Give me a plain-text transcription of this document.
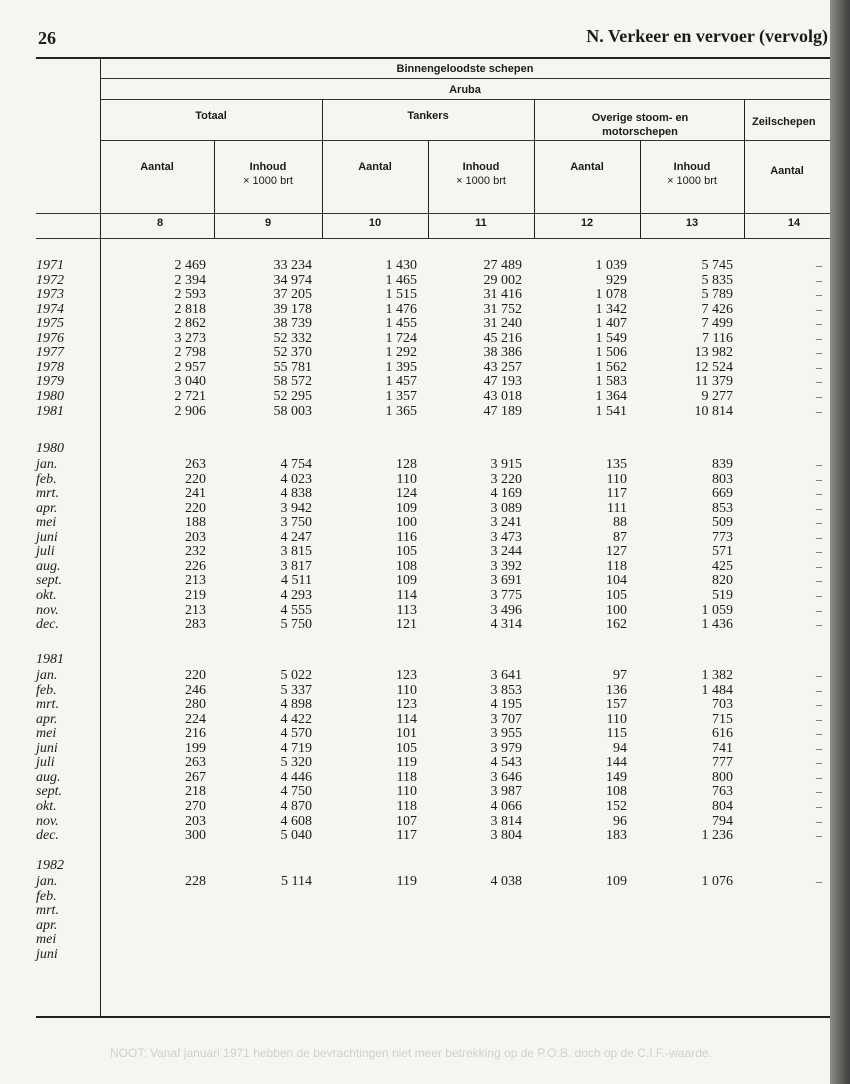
26	N. Verkeer en vervoer (vervolg)
NOOT: Vanaf januari 1971 hebben de bevrachtingen niet meer betrekking op de P.O.B. doch op de C.I.F.-waarde.
Binnengeloodste schepen
Aruba
Totaal	Tankers	Overige stoom- en motorschepen
Zeilschepen
Aantal	Inhoud
× 1000 brt
Aantal	Inhoud
× 1000 brt
Aantal	Inhoud
× 1000 brt
Aantal
8	9	10	11	12	13	14
1971	2 469	33 234	1 430	27 489	1 039	5 745	–
1972	2 394	34 974	1 465	29 002	929	5 835	–
1973	2 593	37 205	1 515	31 416	1 078	5 789	–
1974	2 818	39 178	1 476	31 752	1 342	7 426	–
1975	2 862	38 739	1 455	31 240	1 407	7 499	–
1976	3 273	52 332	1 724	45 216	1 549	7 116	–
1977	2 798	52 370	1 292	38 386	1 506	13 982	–
1978	2 957	55 781	1 395	43 257	1 562	12 524	–
1979	3 040	58 572	1 457	47 193	1 583	11 379	–
1980	2 721	52 295	1 357	43 018	1 364	9 277	–
1981	2 906	58 003	1 365	47 189	1 541	10 814	–
1980
jan.	263	4 754	128	3 915	135	839	–
feb.	220	4 023	110	3 220	110	803	–
mrt.	241	4 838	124	4 169	117	669	–
apr.	220	3 942	109	3 089	111	853	–
mei	188	3 750	100	3 241	88	509	–
juni	203	4 247	116	3 473	87	773	–
juli	232	3 815	105	3 244	127	571	–
aug.	226	3 817	108	3 392	118	425	–
sept.	213	4 511	109	3 691	104	820	–
okt.	219	4 293	114	3 775	105	519	–
nov.	213	4 555	113	3 496	100	1 059	–
dec.	283	5 750	121	4 314	162	1 436	–
1981
jan.	220	5 022	123	3 641	97	1 382	–
feb.	246	5 337	110	3 853	136	1 484	–
mrt.	280	4 898	123	4 195	157	703	–
apr.	224	4 422	114	3 707	110	715	–
mei	216	4 570	101	3 955	115	616	–
juni	199	4 719	105	3 979	94	741	–
juli	263	5 320	119	4 543	144	777	–
aug.	267	4 446	118	3 646	149	800	–
sept.	218	4 750	110	3 987	108	763	–
okt.	270	4 870	118	4 066	152	804	–
nov.	203	4 608	107	3 814	96	794	–
dec.	300	5 040	117	3 804	183	1 236	–
1982
jan.	228	5 114	119	4 038	109	1 076	–
feb.
mrt.
apr.
mei
juni
